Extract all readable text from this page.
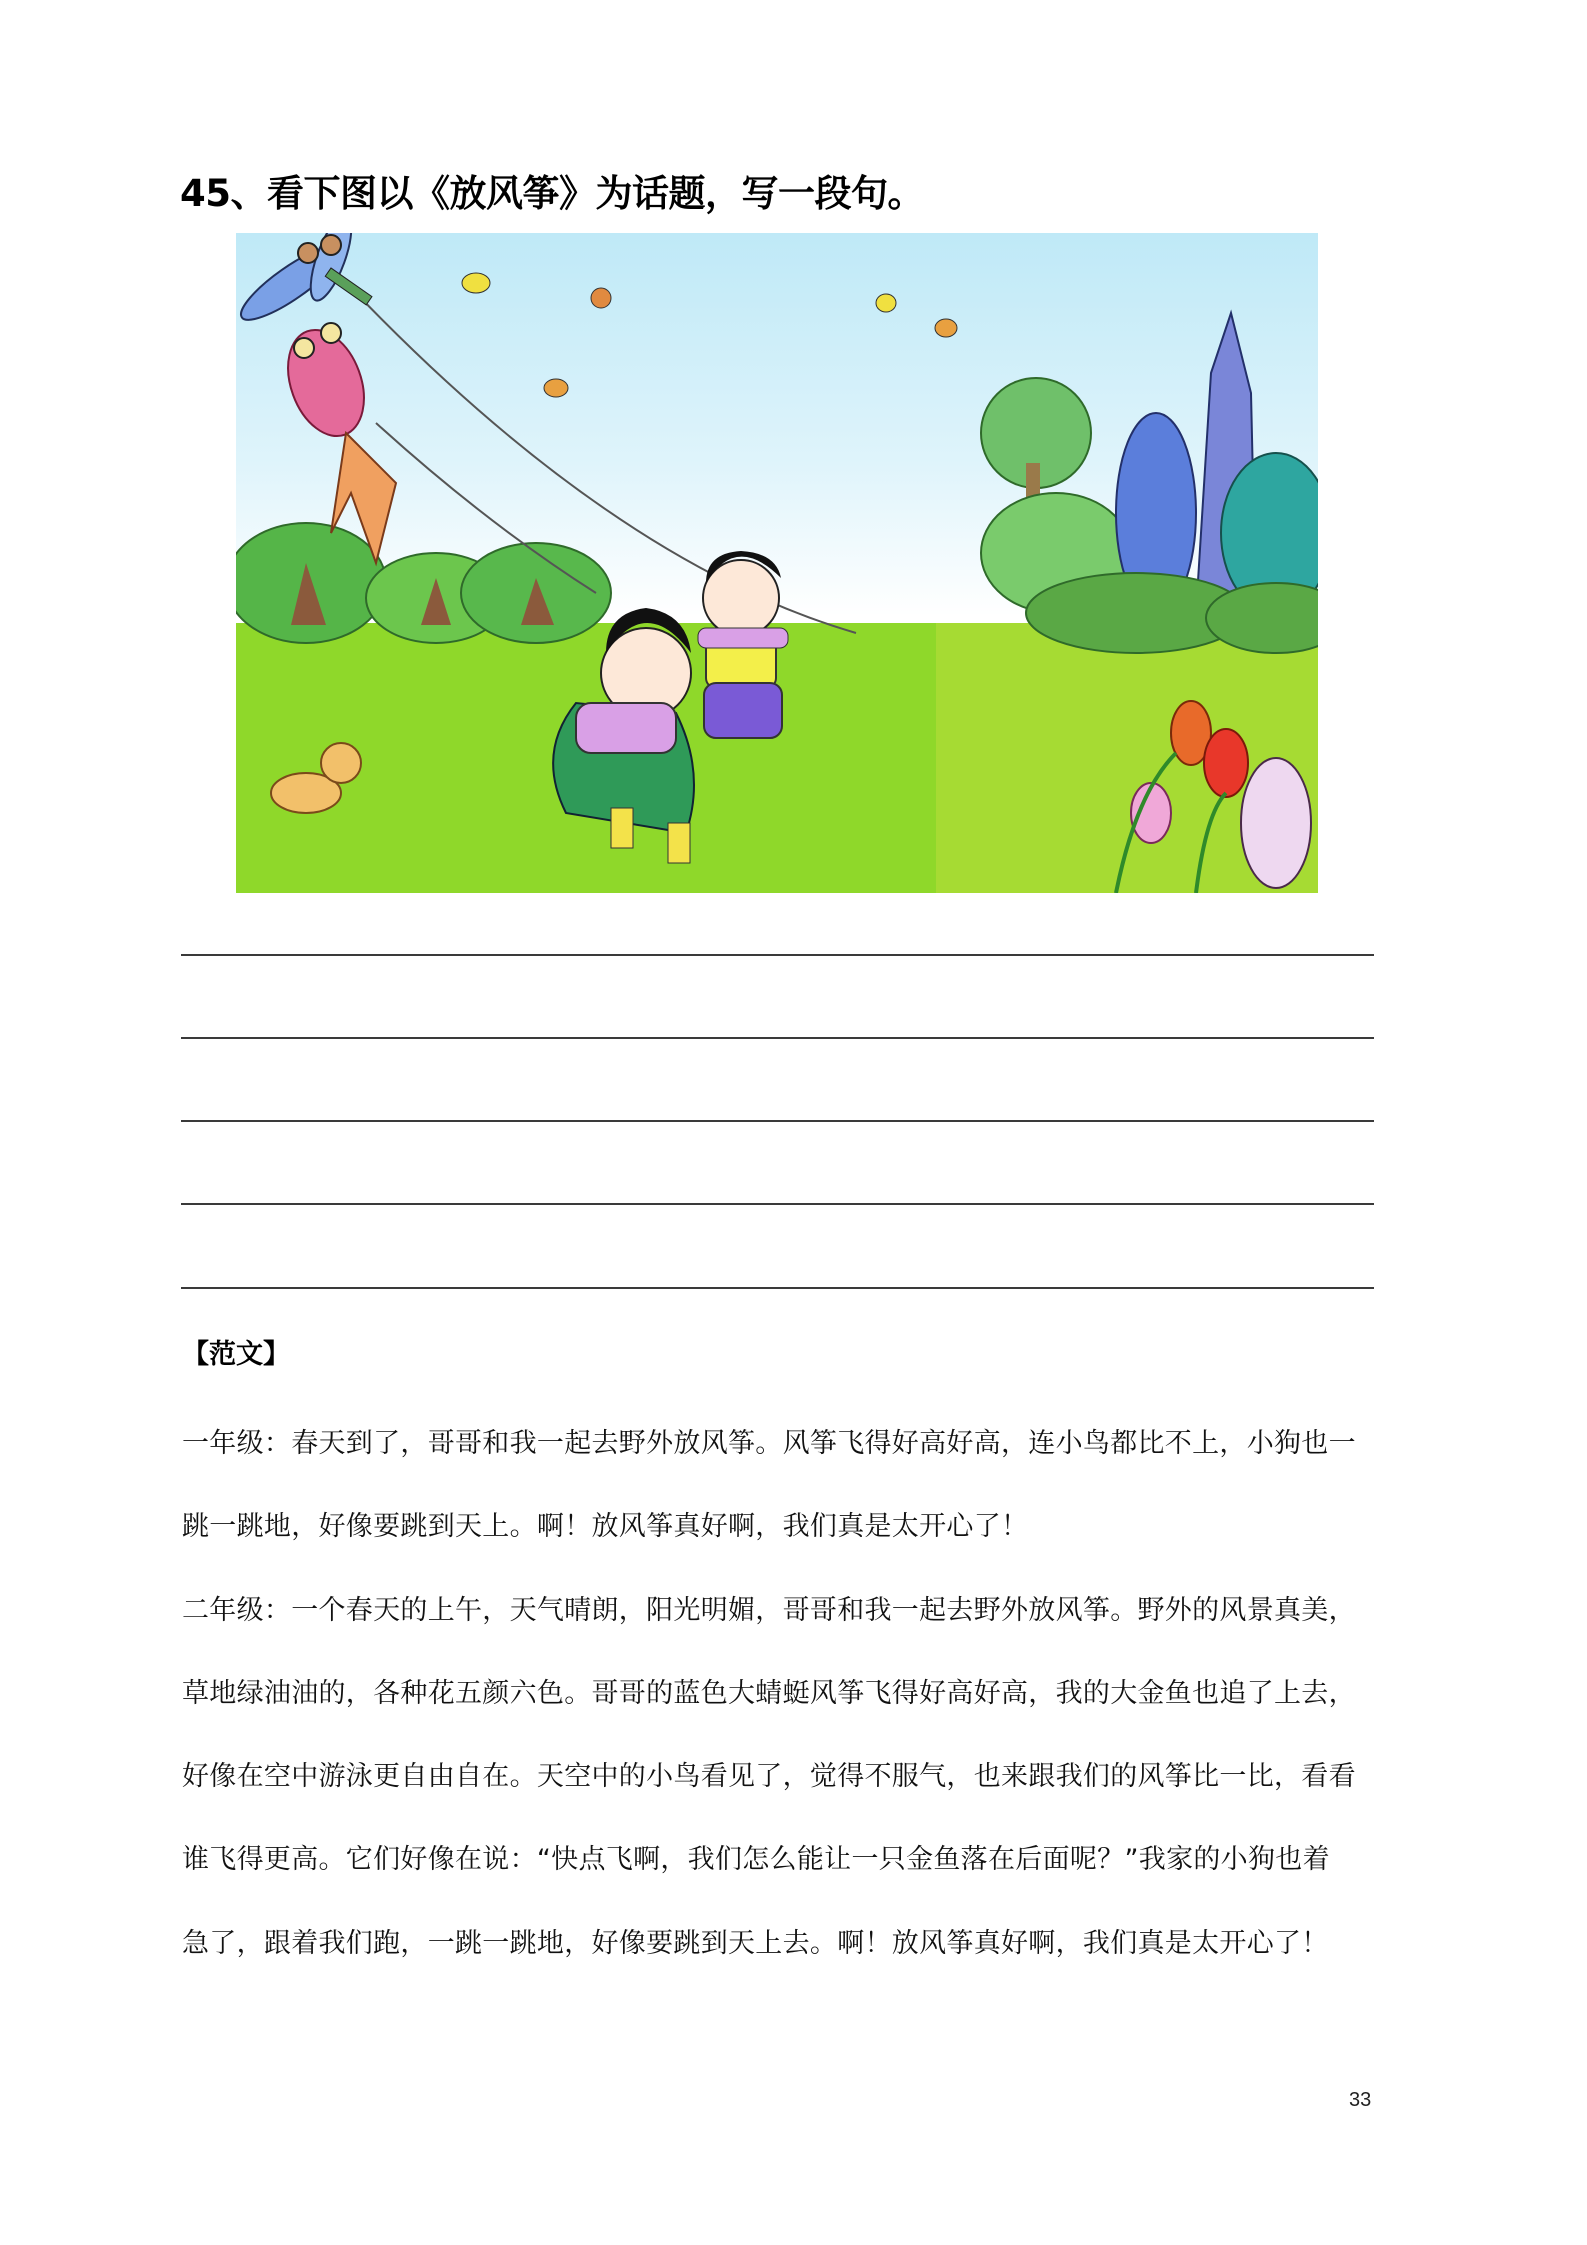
45、看下图以《放风筝》为话题，写一段句。
【范文】
一年级：春天到了，哥哥和我一起去野外放风筝。风筝飞得好高好高，连小鸟都比不上，小狗也一
跳一跳地，好像要跳到天上。啊！放风筝真好啊，我们真是太开心了！
二年级：一个春天的上午，天气晴朗，阳光明媚，哥哥和我一起去野外放风筝。野外的风景真美，
草地绿油油的，各种花五颜六色。哥哥的蓝色大蜻蜓风筝飞得好高好高，我的大金鱼也追了上去，
好像在空中游泳更自由自在。天空中的小鸟看见了，觉得不服气，也来跟我们的风筝比一比，看看
谁飞得更高。它们好像在说：“快点飞啊，我们怎么能让一只金鱼落在后面呢？”我家的小狗也着
急了，跟着我们跑，一跳一跳地，好像要跳到天上去。啊！放风筝真好啊，我们真是太开心了！
33
